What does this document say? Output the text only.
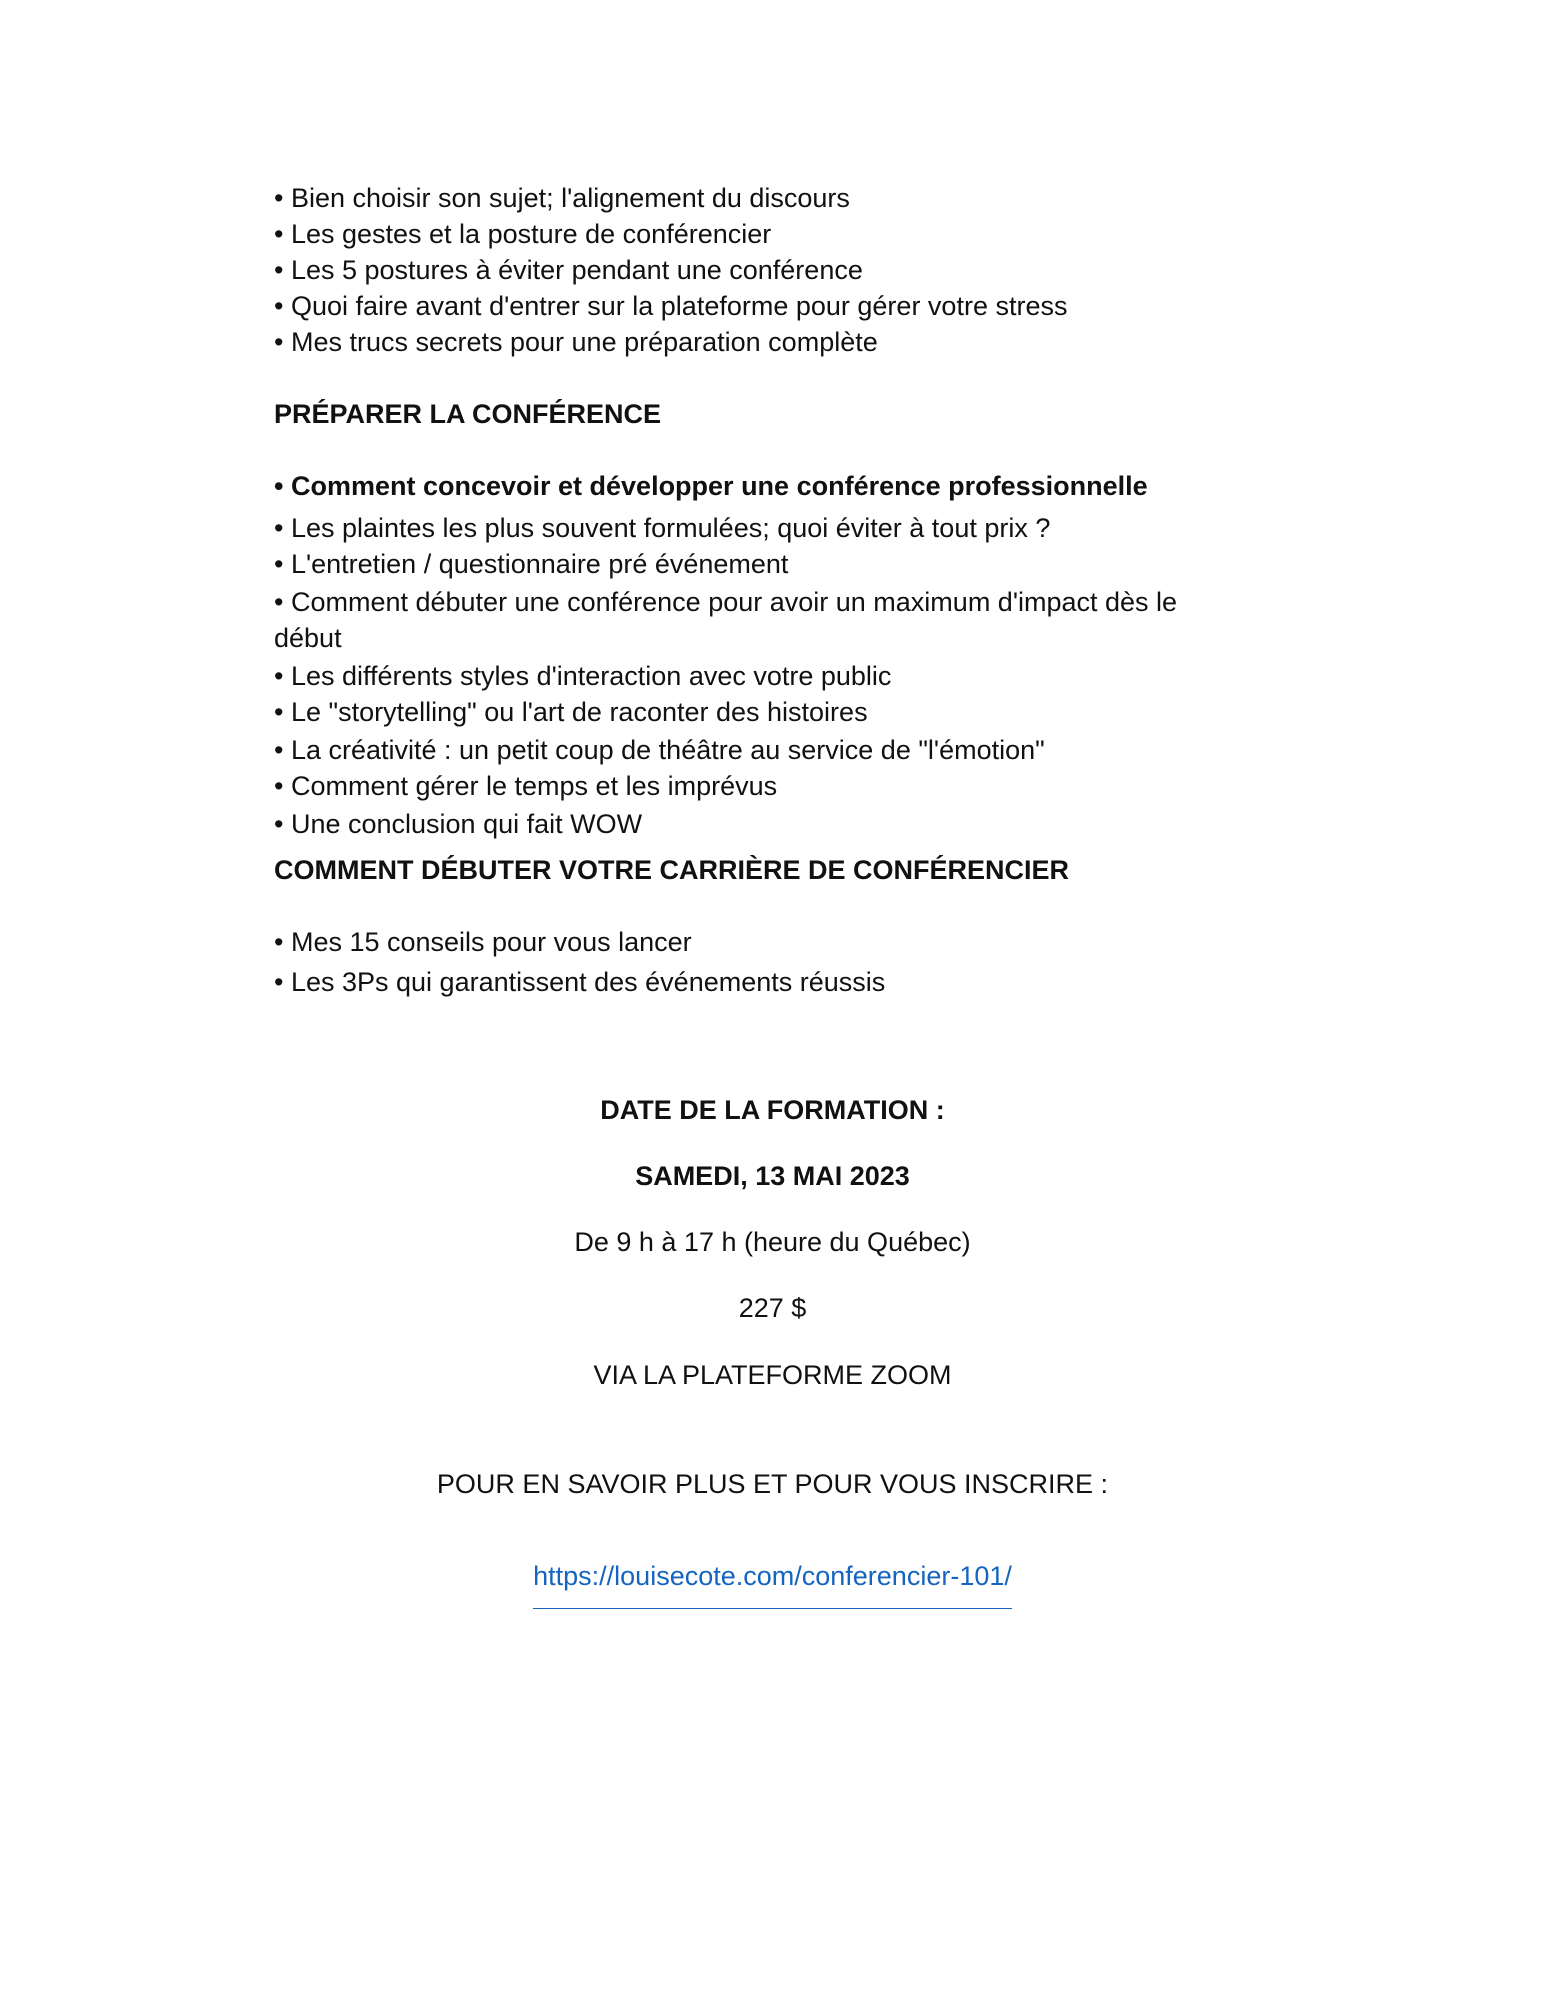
• Bien choisir son sujet; l'alignement du discours

• Les gestes et la posture de conférencier

• Les 5 postures à éviter pendant une conférence

• Quoi faire avant d'entrer sur la plateforme pour gérer votre stress

• Mes trucs secrets pour une préparation complète

PRÉPARER LA CONFÉRENCE

• Comment concevoir et développer une conférence professionnelle

• Les plaintes les plus souvent formulées; quoi éviter à tout prix ?

• L'entretien / questionnaire pré événement

• Comment débuter une conférence pour avoir un maximum d'impact dès le début

• Les différents styles d'interaction avec votre public

• Le "storytelling" ou l'art de raconter des histoires

• La créativité : un petit coup de théâtre au service de "l'émotion"

• Comment gérer le temps et les imprévus

• Une conclusion qui fait WOW

COMMENT DÉBUTER VOTRE CARRIÈRE DE CONFÉRENCIER

• Mes 15 conseils pour vous lancer

• Les 3Ps qui garantissent des événements réussis

DATE DE LA FORMATION :

SAMEDI, 13 MAI 2023

De 9 h à 17 h (heure du Québec)

227 $

VIA LA PLATEFORME ZOOM

POUR EN SAVOIR PLUS ET POUR VOUS INSCRIRE :

https://louisecote.com/conferencier-101/
